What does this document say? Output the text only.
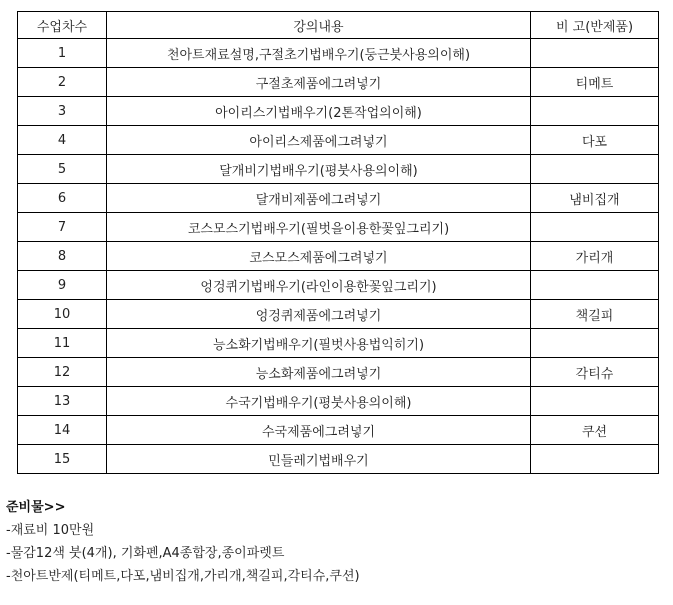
수업차수	강의내용	비 고(반제품)
1	천아트재료설명,구절초기법배우기(둥근붓사용의이해)	
2	구절초제품에그려넣기	티메트
3	아이리스기법배우기(2톤작업의이해)	
4	아이리스제품에그려넣기	다포
5	달개비기법배우기(평붓사용의이해)	
6	달개비제품에그려넣기	냄비집개
7	코스모스기법배우기(필벗을이용한꽃잎그리기)	
8	코스모스제품에그려넣기	가리개
9	엉겅퀴기법배우기(라인이용한꽃잎그리기)	
10	엉겅퀴제품에그려넣기	책길피
11	능소화기법배우기(필벗사용법익히기)	
12	능소화제품에그려넣기	각티슈
13	수국기법배우기(평붓사용의이해)	
14	수국제품에그려넣기	쿠션
15	민들레기법배우기	
준비물>>
-재료비 10만원
-물감12색 붓(4개), 기화펜,A4종합장,종이파렛트
-천아트반제(티메트,다포,냄비집개,가리개,책길피,각티슈,쿠션)
